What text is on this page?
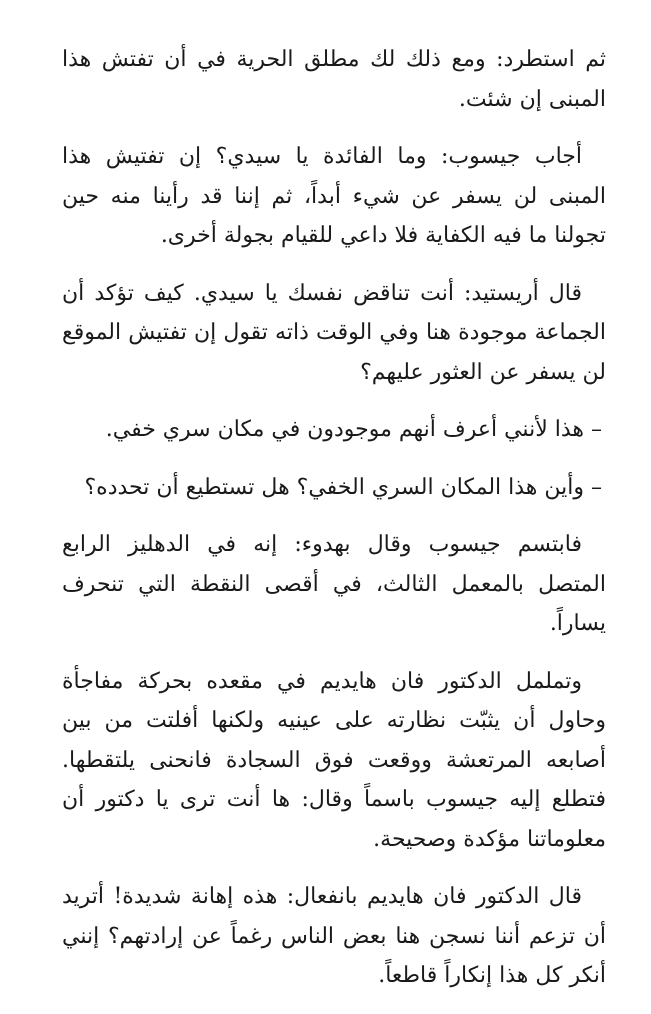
ثم استطرد: ومع ذلك لك مطلق الحرية في أن تفتش هذا المبنى إن شئت.

أجاب جيسوب: وما الفائدة يا سيدي؟ إن تفتيش هذا المبنى لن يسفر عن شيء أبداً، ثم إننا قد رأينا منه حين تجولنا ما فيه الكفاية فلا داعي للقيام بجولة أخرى.

قال أريستيد: أنت تناقض نفسك يا سيدي. كيف تؤكد أن الجماعة موجودة هنا وفي الوقت ذاته تقول إن تفتيش الموقع لن يسفر عن العثور عليهم؟

– هذا لأنني أعرف أنهم موجودون في مكان سري خفي.

– وأين هذا المكان السري الخفي؟ هل تستطيع أن تحدده؟

فابتسم جيسوب وقال بهدوء: إنه في الدهليز الرابع المتصل بالمعمل الثالث، في أقصى النقطة التي تنحرف يساراً.

وتململ الدكتور فان هايديم في مقعده بحركة مفاجأة وحاول أن يثبّت نظارته على عينيه ولكنها أفلتت من بين أصابعه المرتعشة ووقعت فوق السجادة فانحنى يلتقطها. فتطلع إليه جيسوب باسماً وقال: ها أنت ترى يا دكتور أن معلوماتنا مؤكدة وصحيحة.

قال الدكتور فان هايديم بانفعال: هذه إهانة شديدة! أتريد أن تزعم أننا نسجن هنا بعض الناس رغماً عن إرادتهم؟ إنني أنكر كل هذا إنكاراً قاطعاً.
